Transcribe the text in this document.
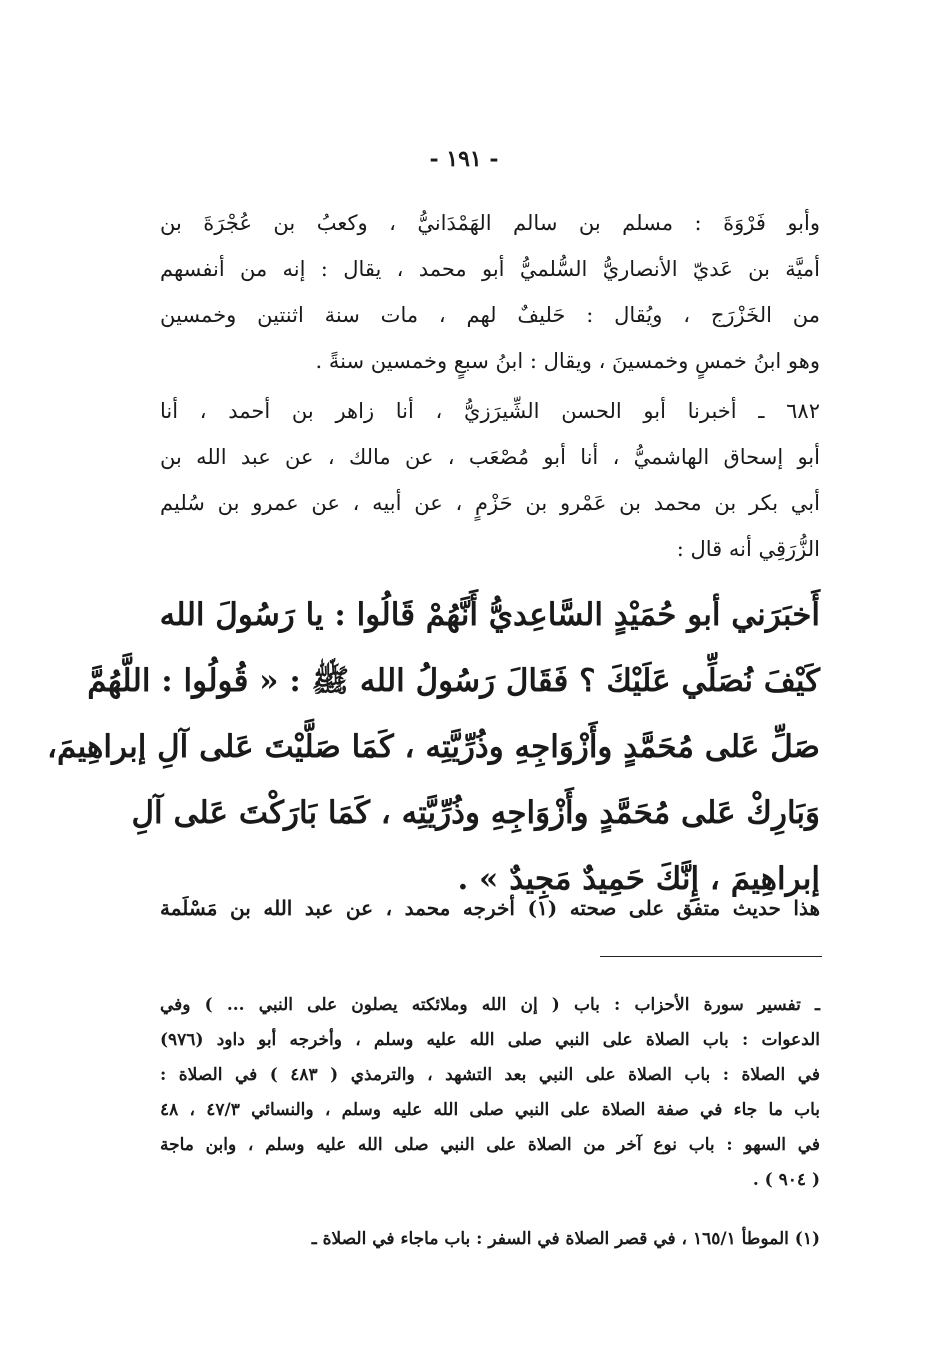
- ١٩١ -
وأبو فَرْوَةَ : مسلم بن سالم الهَمْدَانيُّ ، وكعبُ بن عُجْرَةَ بن
أميَّة بن عَديّ الأنصاريُّ السُّلميُّ أبو محمد ، يقال : إنه من أنفسهم
من الخَزْرَج ، ويُقال : حَليفٌ لهم ، مات سنة اثنتين وخمسين
وهو ابنُ خمسٍ وخمسينَ ، ويقال : ابنُ سبعٍ وخمسين سنةً .
٦٨٢ ـ أخبرنا أبو الحسن الشِّيرَزيُّ ، أنا زاهر بن أحمد ، أنا
أبو إسحاق الهاشميُّ ، أنا أبو مُصْعَب ، عن مالك ، عن عبد الله بن
أبي بكر بن محمد بن عَمْرو بن حَزْمٍ ، عن أبيه ، عن عمرو بن سُليم
الزُّرَقِي أنه قال :
أَخبَرَني أبو حُمَيْدٍ السَّاعِديُّ أَنَّهُمْ قَالُوا : يا رَسُولَ الله
كَيْفَ نُصَلِّي عَلَيْكَ ؟ فَقَالَ رَسُولُ الله ﷺ : « قُولُوا : اللَّهُمَّ
صَلِّ عَلى مُحَمَّدٍ وأَزْوَاجِهِ وذُرِّيَّتِه ، كَمَا صَلَّيْتَ عَلى آلِ إبراهِيمَ،
وَبَارِكْ عَلى مُحَمَّدٍ وأَزْوَاجِهِ وذُرِّيَّتِه ، كَمَا بَارَكْتَ عَلى آلِ
إبراهِيمَ ، إِنَّكَ حَمِيدٌ مَجِيدٌ » .
هذا حديث متفق على صحته (١) أخرجه محمد ، عن عبد الله بن مَسْلَمة
ـ تفسير سورة الأحزاب : باب ( إن الله وملائكته يصلون على النبي ... ) وفي
الدعوات : باب الصلاة على النبي صلى الله عليه وسلم ، وأخرجه أبو داود (٩٧٦)
في الصلاة : باب الصلاة على النبي بعد التشهد ، والترمذي ( ٤٨٣ ) في الصلاة :
باب ما جاء في صفة الصلاة على النبي صلى الله عليه وسلم ، والنسائي ٤٧/٣ ، ٤٨
في السهو : باب نوع آخر من الصلاة على النبي صلى الله عليه وسلم ، وابن ماجة
( ٩٠٤ ) .
(١) الموطأ ١٦٥/١ ، في قصر الصلاة في السفر : باب ماجاء في الصلاة ـ
